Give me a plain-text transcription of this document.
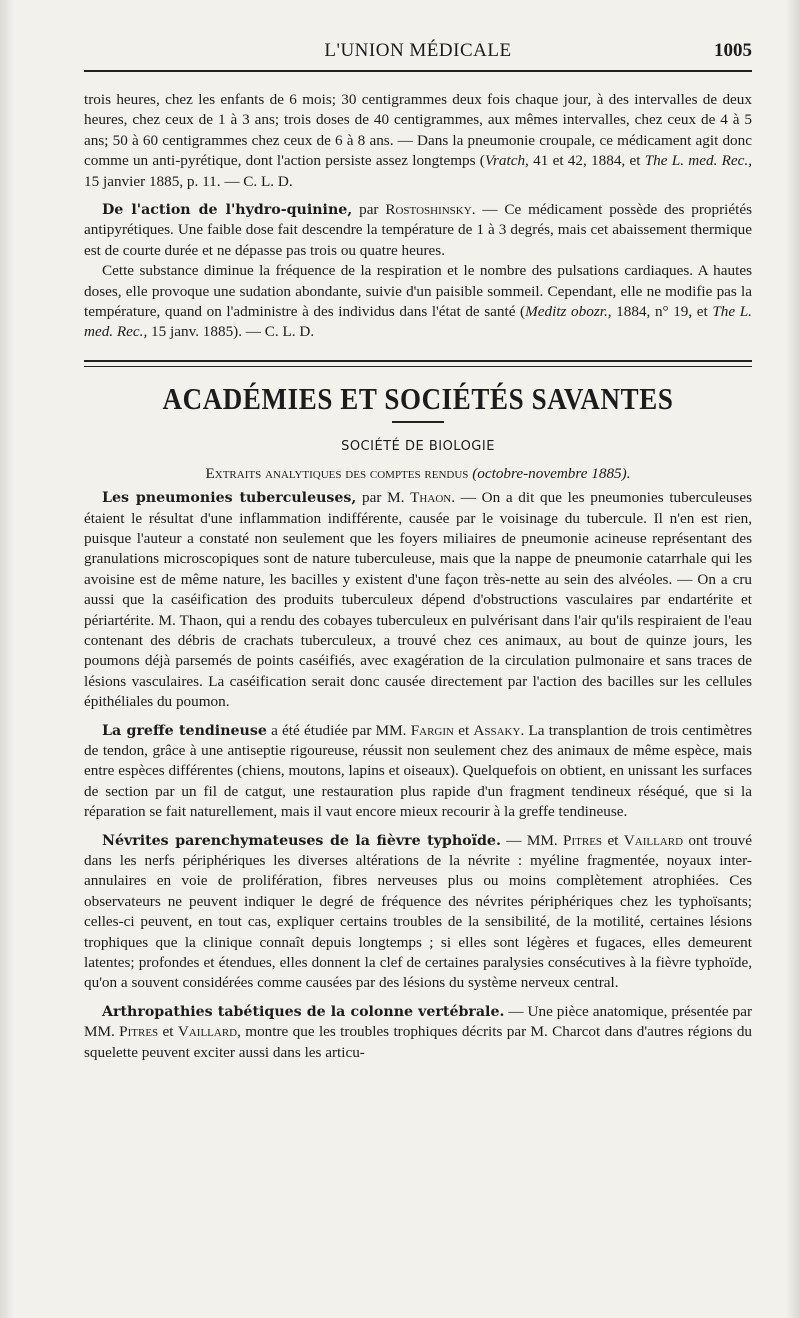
L'UNION MÉDICALE	1005

trois heures, chez les enfants de 6 mois; 30 centigrammes deux fois chaque jour, à des intervalles de deux heures, chez ceux de 1 à 3 ans; trois doses de 40 centigrammes, aux mêmes intervalles, chez ceux de 4 à 5 ans; 50 à 60 centigrammes chez ceux de 6 à 8 ans. — Dans la pneumonie croupale, ce médicament agit donc comme un anti-pyrétique, dont l'action persiste assez longtemps (Vratch, 41 et 42, 1884, et The L. med. Rec., 15 janvier 1885, p. 11. — C. L. D.

De l'action de l'hydro-quinine, par Rostoshinsky. — Ce médicament possède des propriétés antipyrétiques. Une faible dose fait descendre la température de 1 à 3 degrés, mais cet abaissement thermique est de courte durée et ne dépasse pas trois ou quatre heures.

Cette substance diminue la fréquence de la respiration et le nombre des pulsations cardiaques. A hautes doses, elle provoque une sudation abondante, suivie d'un paisible sommeil. Cependant, elle ne modifie pas la température, quand on l'administre à des individus dans l'état de santé (Meditz obozr., 1884, n° 19, et The L. med. Rec., 15 janv. 1885). — C. L. D.

ACADÉMIES ET SOCIÉTÉS SAVANTES
SOCIÉTÉ DE BIOLOGIE
Extraits analytiques des comptes rendus (octobre-novembre 1885).

Les pneumonies tuberculeuses, par M. Thaon. — On a dit que les pneumonies tuberculeuses étaient le résultat d'une inflammation indifférente, causée par le voisinage du tubercule. Il n'en est rien, puisque l'auteur a constaté non seulement que les foyers miliaires de pneumonie acineuse représentant des granulations microscopiques sont de nature tuberculeuse, mais que la nappe de pneumonie catarrhale qui les avoisine est de même nature, les bacilles y existent d'une façon très-nette au sein des alvéoles. — On a cru aussi que la caséification des produits tuberculeux dépend d'obstructions vasculaires par endartérite et périartérite. M. Thaon, qui a rendu des cobayes tuberculeux en pulvérisant dans l'air qu'ils respiraient de l'eau contenant des débris de crachats tuberculeux, a trouvé chez ces animaux, au bout de quinze jours, les poumons déjà parsemés de points caséifiés, avec exagération de la circulation pulmonaire et sans traces de lésions vasculaires. La caséification serait donc causée directement par l'action des bacilles sur les cellules épithéliales du poumon.

La greffe tendineuse a été étudiée par MM. Fargin et Assaky. La transplantion de trois centimètres de tendon, grâce à une antiseptie rigoureuse, réussit non seulement chez des animaux de même espèce, mais entre espèces différentes (chiens, moutons, lapins et oiseaux). Quelquefois on obtient, en unissant les surfaces de section par un fil de catgut, une restauration plus rapide d'un fragment tendineux réséqué, que si la réparation se fait naturellement, mais il vaut encore mieux recourir à la greffe tendineuse.

Névrites parenchymateuses de la fièvre typhoïde. — MM. Pitres et Vaillard ont trouvé dans les nerfs périphériques les diverses altérations de la névrite : myéline fragmentée, noyaux inter-annulaires en voie de prolifération, fibres nerveuses plus ou moins complètement atrophiées. Ces observateurs ne peuvent indiquer le degré de fréquence des névrites périphériques chez les typhoïsants; celles-ci peuvent, en tout cas, expliquer certains troubles de la sensibilité, de la motilité, certaines lésions trophiques que la clinique connaît depuis longtemps ; si elles sont légères et fugaces, elles demeurent latentes; profondes et étendues, elles donnent la clef de certaines paralysies consécutives à la fièvre typhoïde, qu'on a souvent considérées comme causées par des lésions du système nerveux central.

Arthropathies tabétiques de la colonne vertébrale. — Une pièce anatomique, présentée par MM. Pitres et Vaillard, montre que les troubles trophiques décrits par M. Charcot dans d'autres régions du squelette peuvent exciter aussi dans les articu-
